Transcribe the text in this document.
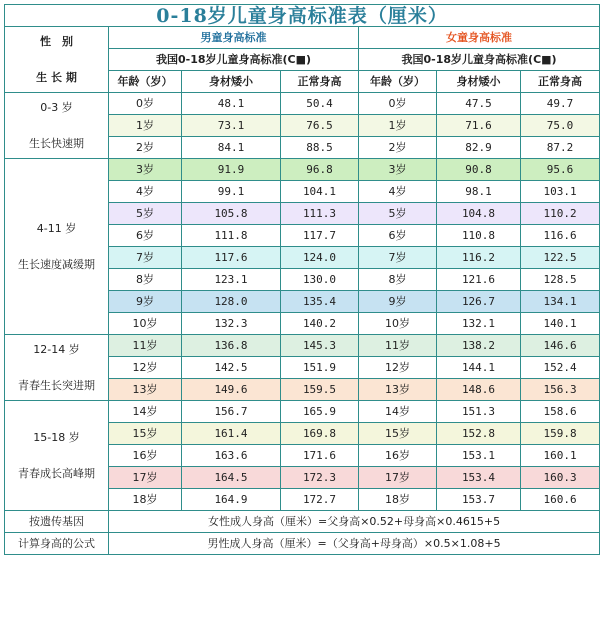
0-18岁儿童身高标准表（厘米）						

性　别
生 长 期	男童身高标准			女童身高标准		
	我国0-18岁儿童身高标准(C■)			我国0-18岁儿童身高标准(C■)		
	年龄（岁）	身材矮小	正常身高	年龄（岁）	身材矮小	正常身高

0-3 岁
生长快速期	0岁	48.1	50.4	0岁	47.5	49.7
	1岁	73.1	76.5	1岁	71.6	75.0
	2岁	84.1	88.5	2岁	82.9	87.2

4-11 岁
生长速度减缓期	3岁	91.9	96.8	3岁	90.8	95.6
	4岁	99.1	104.1	4岁	98.1	103.1
	5岁	105.8	111.3	5岁	104.8	110.2
	6岁	111.8	117.7	6岁	110.8	116.6
	7岁	117.6	124.0	7岁	116.2	122.5
	8岁	123.1	130.0	8岁	121.6	128.5
	9岁	128.0	135.4	9岁	126.7	134.1
	10岁	132.3	140.2	10岁	132.1	140.1

12-14 岁
青春生长突进期	11岁	136.8	145.3	11岁	138.2	146.6
	12岁	142.5	151.9	12岁	144.1	152.4
	13岁	149.6	159.5	13岁	148.6	156.3

15-18 岁
青春成长高峰期	14岁	156.7	165.9	14岁	151.3	158.6
	15岁	161.4	169.8	15岁	152.8	159.8
	16岁	163.6	171.6	16岁	153.1	160.1
	17岁	164.5	172.3	17岁	153.4	160.3
	18岁	164.9	172.7	18岁	153.7	160.6
按遗传基因	女性成人身高（厘米）=父身高×0.52+母身高×0.4615+5					
计算身高的公式	男性成人身高（厘米）=（父身高+母身高）×0.5×1.08+5					
